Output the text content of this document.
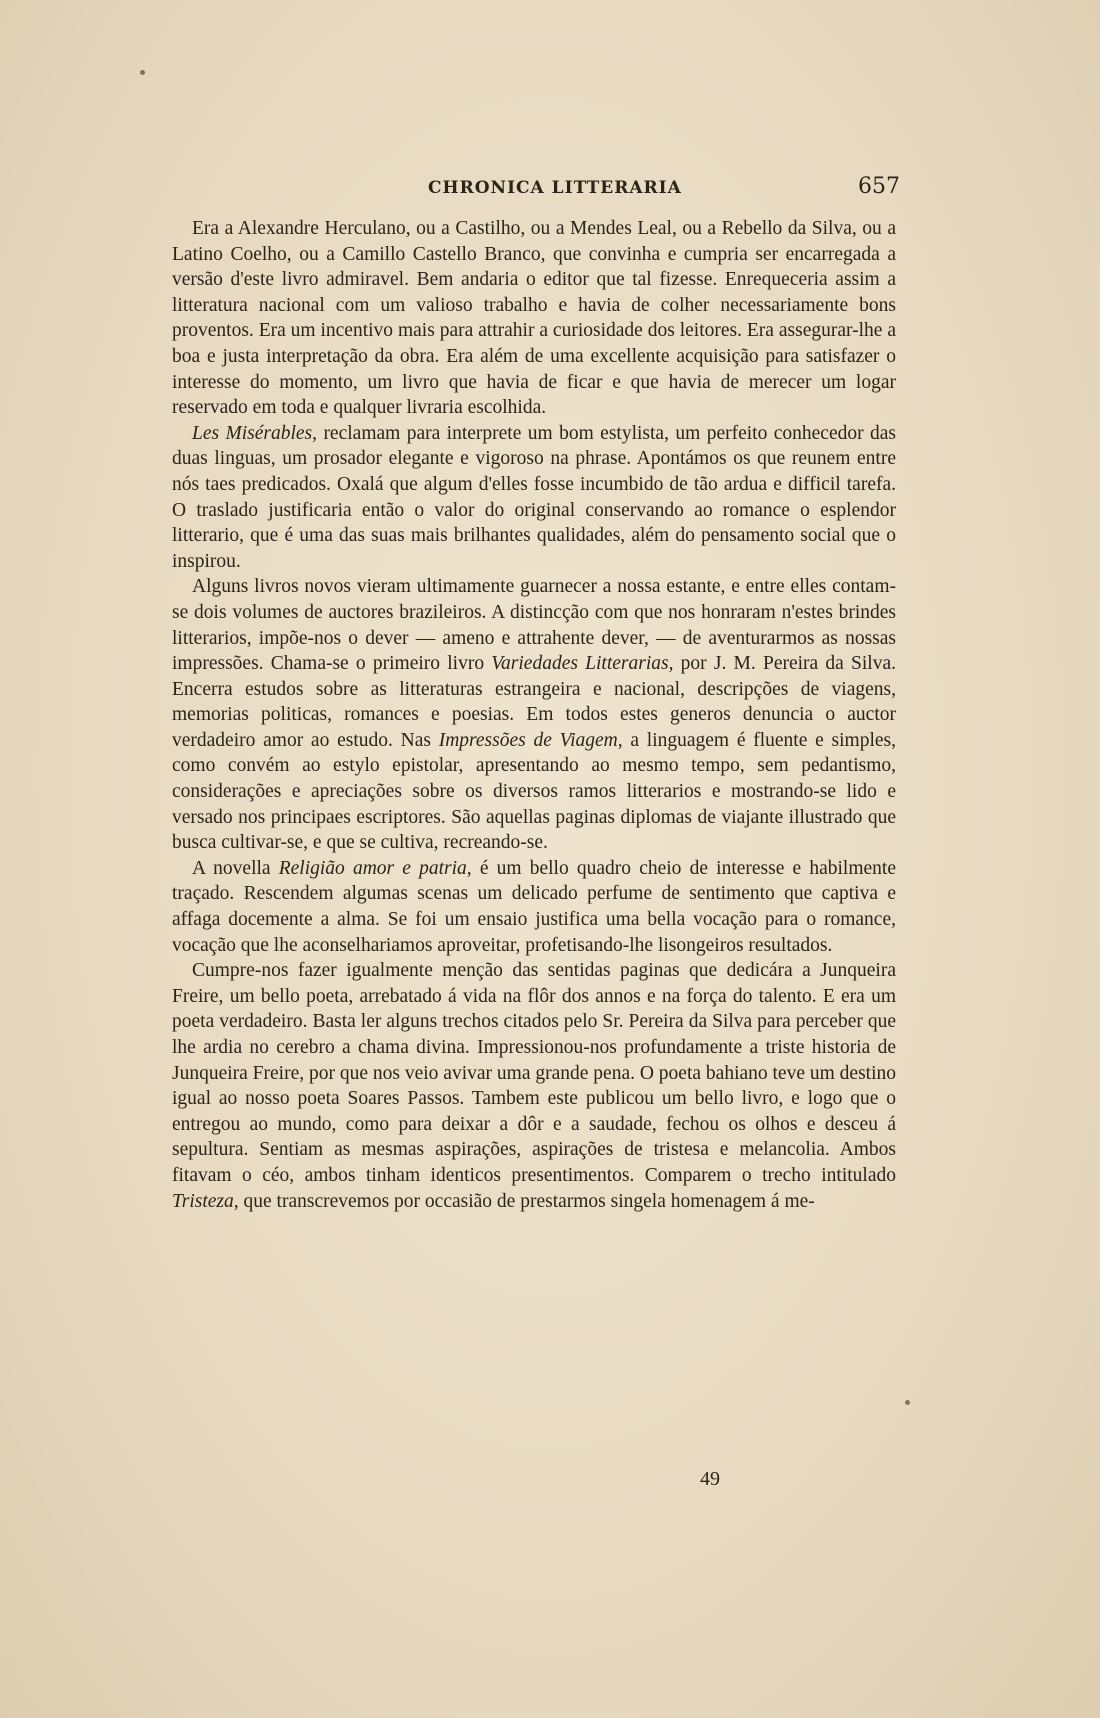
CHRONICA LITTERARIA	657

Era a Alexandre Herculano, ou a Castilho, ou a Mendes Leal, ou a Rebello da Silva, ou a Latino Coelho, ou a Camillo Castello Branco, que convinha e cumpria ser encarregada a versão d'este livro admiravel. Bem andaria o editor que tal fizesse. Enrequeceria assim a litteratura nacional com um valioso trabalho e havia de colher necessariamente bons proventos. Era um incentivo mais para attrahir a curiosidade dos leitores. Era assegurar-lhe a boa e justa interpretação da obra. Era além de uma excellente acquisição para satisfazer o interesse do momento, um livro que havia de ficar e que havia de merecer um logar reservado em toda e qualquer livraria escolhida.

Les Misérables, reclamam para interprete um bom estylista, um perfeito conhecedor das duas linguas, um prosador elegante e vigoroso na phrase. Apontámos os que reunem entre nós taes predicados. Oxalá que algum d'elles fosse incumbido de tão ardua e difficil tarefa. O traslado justificaria então o valor do original conservando ao romance o esplendor litterario, que é uma das suas mais brilhantes qualidades, além do pensamento social que o inspirou.

Alguns livros novos vieram ultimamente guarnecer a nossa estante, e entre elles contam-se dois volumes de auctores brazileiros. A distincção com que nos honraram n'estes brindes litterarios, impõe-nos o dever — ameno e attrahente dever, — de aventurarmos as nossas impressões. Chama-se o primeiro livro Variedades Litterarias, por J. M. Pereira da Silva. Encerra estudos sobre as litteraturas estrangeira e nacional, descripções de viagens, memorias politicas, romances e poesias. Em todos estes generos denuncia o auctor verdadeiro amor ao estudo. Nas Impressões de Viagem, a linguagem é fluente e simples, como convém ao estylo epistolar, apresentando ao mesmo tempo, sem pedantismo, considerações e apreciações sobre os diversos ramos litterarios e mostrando-se lido e versado nos principaes escriptores. São aquellas paginas diplomas de viajante illustrado que busca cultivar-se, e que se cultiva, recreando-se.

A novella Religião amor e patria, é um bello quadro cheio de interesse e habilmente traçado. Rescendem algumas scenas um delicado perfume de sentimento que captiva e affaga docemente a alma. Se foi um ensaio justifica uma bella vocação para o romance, vocação que lhe aconselhariamos aproveitar, profetisando-lhe lisongeiros resultados.

Cumpre-nos fazer igualmente menção das sentidas paginas que dedicára a Junqueira Freire, um bello poeta, arrebatado á vida na flôr dos annos e na força do talento. E era um poeta verdadeiro. Basta ler alguns trechos citados pelo Sr. Pereira da Silva para perceber que lhe ardia no cerebro a chama divina. Impressionou-nos profundamente a triste historia de Junqueira Freire, por que nos veio avivar uma grande pena. O poeta bahiano teve um destino igual ao nosso poeta Soares Passos. Tambem este publicou um bello livro, e logo que o entregou ao mundo, como para deixar a dôr e a saudade, fechou os olhos e desceu á sepultura. Sentiam as mesmas aspirações, aspirações de tristesa e melancolia. Ambos fitavam o céo, ambos tinham identicos presentimentos. Comparem o trecho intitulado Tristeza, que transcrevemos por occasião de prestarmos singela homenagem á me-

49
